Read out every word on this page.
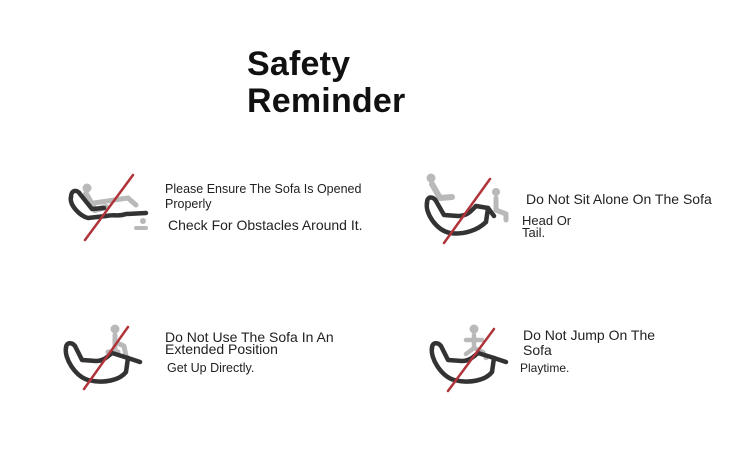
Safety
Reminder
Please Ensure The Sofa Is Opened
Properly
Check For Obstacles Around It.
Do Not Sit Alone On The Sofa
Head Or
Tail.
Do Not Use The Sofa In An
Extended Position
Get Up Directly.
Do Not Jump On The
Sofa
Playtime.
